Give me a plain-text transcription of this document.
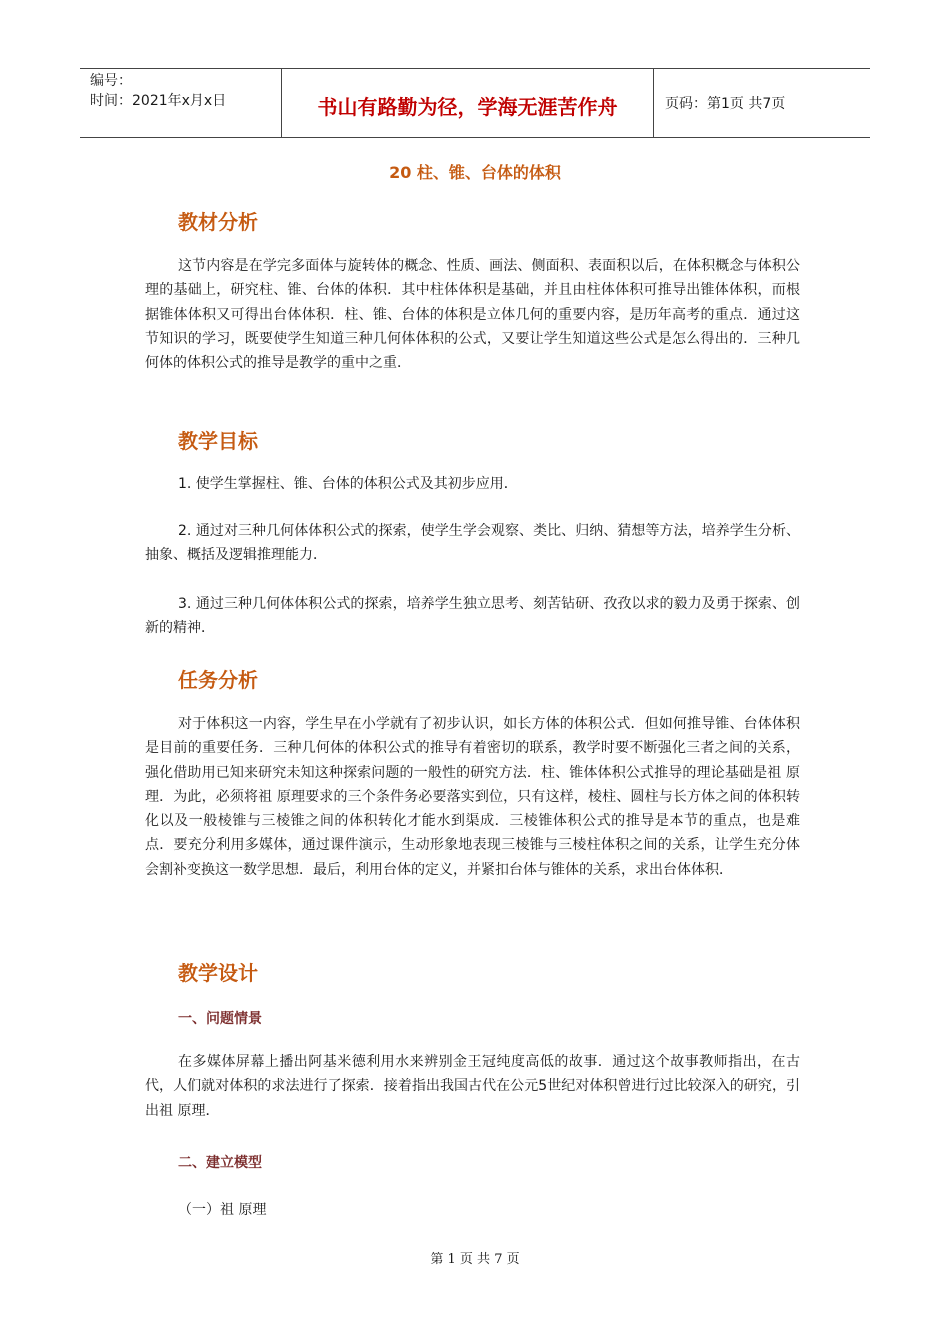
编号：
时间：2021年x月x日	书山有路勤为径，学海无涯苦作舟	页码：第1页 共7页
20 柱、锥、台体的体积
教材分析
这节内容是在学完多面体与旋转体的概念、性质、画法、侧面积、表面积以后，在体积概念与体积公理的基础上，研究柱、锥、台体的体积．其中柱体体积是基础，并且由柱体体积可推导出锥体体积，而根据锥体体积又可得出台体体积．柱、锥、台体的体积是立体几何的重要内容，是历年高考的重点．通过这节知识的学习，既要使学生知道三种几何体体积的公式，又要让学生知道这些公式是怎么得出的．三种几何体的体积公式的推导是教学的重中之重．
教学目标
1. 使学生掌握柱、锥、台体的体积公式及其初步应用．
2. 通过对三种几何体体积公式的探索，使学生学会观察、类比、归纳、猜想等方法，培养学生分析、抽象、概括及逻辑推理能力．
3. 通过三种几何体体积公式的探索，培养学生独立思考、刻苦钻研、孜孜以求的毅力及勇于探索、创新的精神．
任务分析
对于体积这一内容，学生早在小学就有了初步认识，如长方体的体积公式．但如何推导锥、台体体积是目前的重要任务．三种几何体的体积公式的推导有着密切的联系，教学时要不断强化三者之间的关系，强化借助用已知来研究未知这种探索问题的一般性的研究方法．柱、锥体体积公式推导的理论基础是祖 原理．为此，必须将祖 原理要求的三个条件务必要落实到位，只有这样，棱柱、圆柱与长方体之间的体积转化以及一般棱锥与三棱锥之间的体积转化才能水到渠成．三棱锥体积公式的推导是本节的重点，也是难点．要充分利用多媒体，通过课件演示，生动形象地表现三棱锥与三棱柱体积之间的关系，让学生充分体会割补变换这一数学思想．最后，利用台体的定义，并紧扣台体与锥体的关系，求出台体体积．
教学设计
一、问题情景
在多媒体屏幕上播出阿基米德利用水来辨别金王冠纯度高低的故事．通过这个故事教师指出，在古代，人们就对体积的求法进行了探索．接着指出我国古代在公元5世纪对体积曾进行过比较深入的研究，引出祖 原理．
二、建立模型
（一）祖 原理
第 1 页 共 7 页
